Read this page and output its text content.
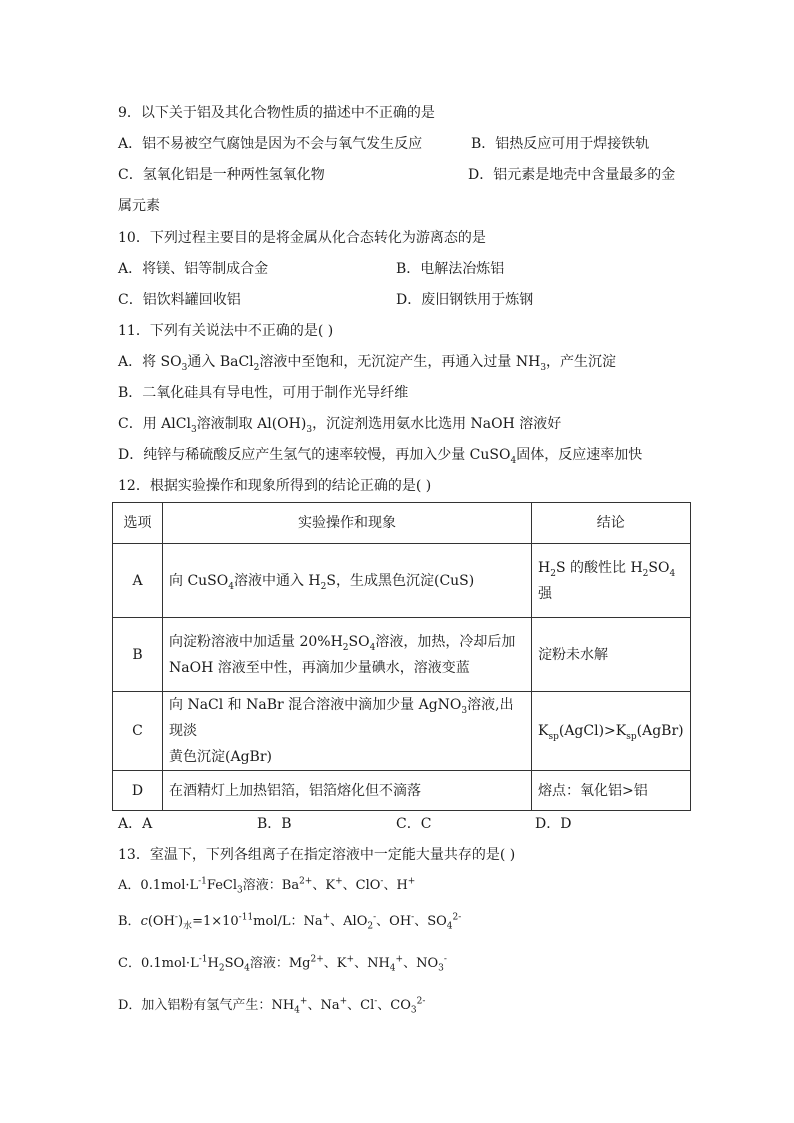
9．以下关于铝及其化合物性质的描述中不正确的是
A．铝不易被空气腐蚀是因为不会与氧气发生反应	B．铝热反应可用于焊接铁轨
C．氢氧化铝是一种两性氢氧化物	D．铝元素是地壳中含量最多的金
属元素
10．下列过程主要目的是将金属从化合态转化为游离态的是
A．将镁、铝等制成合金	B．电解法冶炼铝
C．铝饮料罐回收铝	D．废旧钢铁用于炼钢
11．下列有关说法中不正确的是( )
A．将 $SO_3$通入 BaCl$_2$溶液中至饱和，无沉淀产生，再通入过量 $NH_3$，产生沉淀
B．二氧化硅具有导电性，可用于制作光导纤维
C．用 AlCl$_3$溶液制取 $Al(OH)_3$，沉淀剂选用氨水比选用 NaOH 溶液好
D．纯锌与稀硫酸反应产生氢气的速率较慢，再加入少量 CuSO$_4$固体，反应速率加快
12．根据实验操作和现象所得到的结论正确的是( )
选项	实验操作和现象	结论
A	向 CuSO$_4$溶液中通入 $H_2S$，生成黑色沉淀(CuS)	$H_2S$ 的酸性比 $H_2SO_4$
强
B	向淀粉溶液中加适量 $20\%H_2SO_4$溶液，加热，冷却后加
NaOH 溶液至中性，再滴加少量碘水，溶液变蓝	淀粉未水解
C	向 NaCl 和 NaBr 混合溶液中滴加少量 AgNO$_3$溶液,出现淡
黄色沉淀(AgBr)	$K_{sp}(AgCl)>K_{sp}(AgBr)$
D	在酒精灯上加热铝箔，铝箔熔化但不滴落	熔点：氧化铝>铝
A．A	B．B	C．C	D．D
13．室温下，下列各组离子在指定溶液中一定能大量共存的是( )
A．$0.1mol\cdot L^{-1}FeCl_3$溶液：$Ba^{2+}$、K+、ClO-、H+
B．$c(OH^-)_水=1\times 10^{-11}mol/L$：Na+、AlO$_2$-、OH-、$SO_4^{2-}$
C．$0.1mol\cdot L^{-1}H_2SO_4$溶液：$Mg^{2+}$、K+、$NH_4^+$、$NO_3^-$
D．加入铝粉有氢气产生：$NH_4^+$、Na+、Cl-、$CO_3^{2-}$
